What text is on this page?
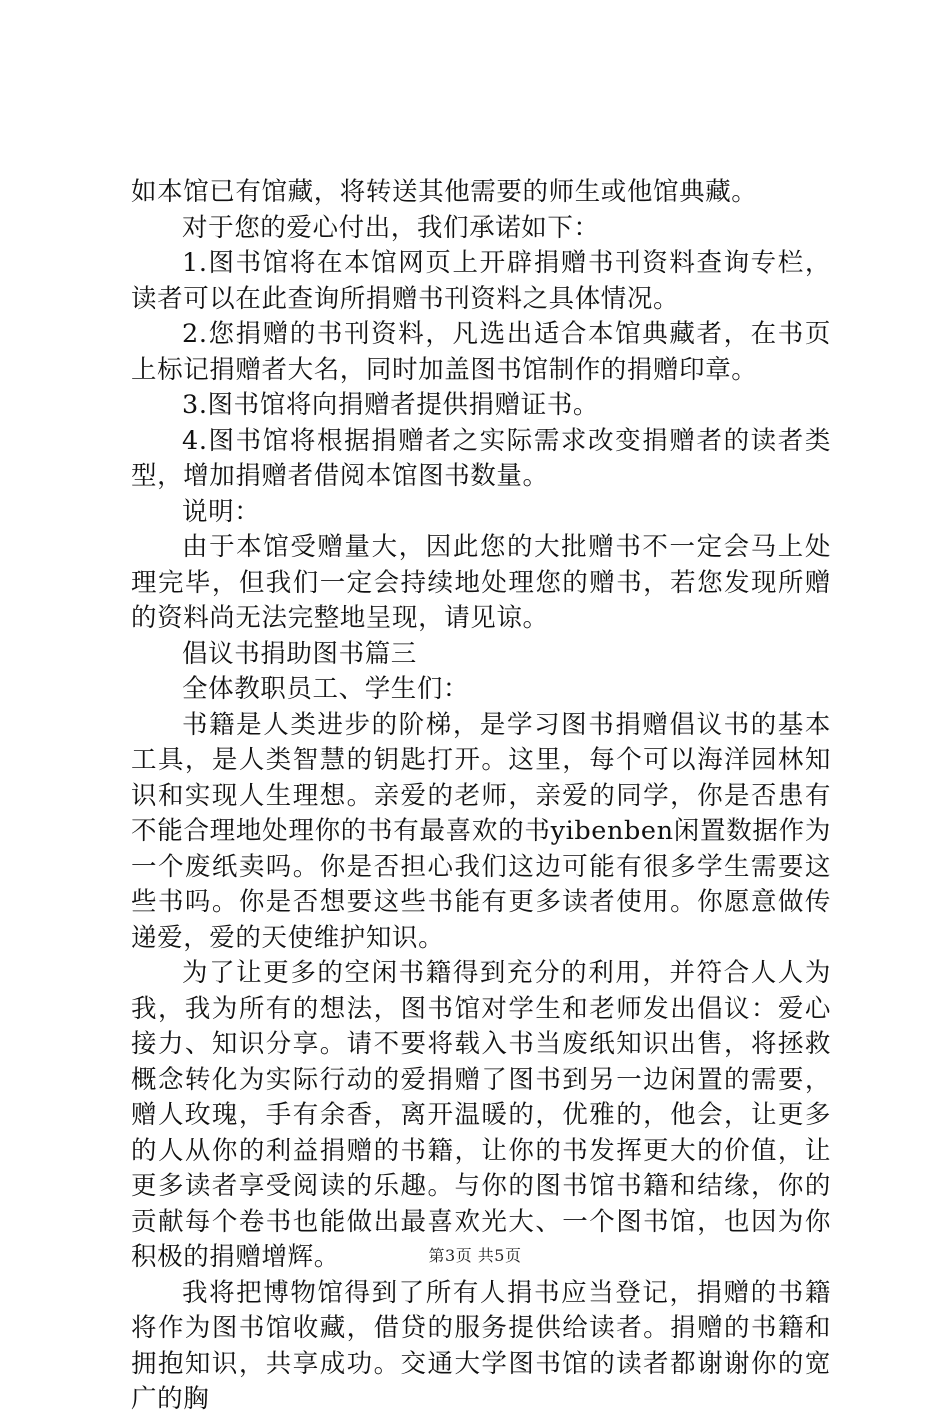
如本馆已有馆藏，将转送其他需要的师生或他馆典藏。

对于您的爱心付出，我们承诺如下：

1.图书馆将在本馆网页上开辟捐赠书刊资料查询专栏，读者可以在此查询所捐赠书刊资料之具体情况。

2.您捐赠的书刊资料，凡选出适合本馆典藏者，在书页上标记捐赠者大名，同时加盖图书馆制作的捐赠印章。

3.图书馆将向捐赠者提供捐赠证书。

4.图书馆将根据捐赠者之实际需求改变捐赠者的读者类型，增加捐赠者借阅本馆图书数量。

说明：

由于本馆受赠量大，因此您的大批赠书不一定会马上处理完毕，但我们一定会持续地处理您的赠书，若您发现所赠的资料尚无法完整地呈现，请见谅。

倡议书捐助图书篇三

全体教职员工、学生们：

书籍是人类进步的阶梯，是学习图书捐赠倡议书的基本工具，是人类智慧的钥匙打开。这里，每个可以海洋园林知识和实现人生理想。亲爱的老师，亲爱的同学，你是否患有不能合理地处理你的书有最喜欢的书yibenben闲置数据作为一个废纸卖吗。你是否担心我们这边可能有很多学生需要这些书吗。你是否想要这些书能有更多读者使用。你愿意做传递爱，爱的天使维护知识。

为了让更多的空闲书籍得到充分的利用，并符合人人为我，我为所有的想法，图书馆对学生和老师发出倡议：爱心接力、知识分享。请不要将载入书当废纸知识出售，将拯救概念转化为实际行动的爱捐赠了图书到另一边闲置的需要，赠人玫瑰，手有余香，离开温暖的，优雅的，他会，让更多的人从你的利益捐赠的书籍，让你的书发挥更大的价值，让更多读者享受阅读的乐趣。与你的图书馆书籍和结缘，你的贡献每个卷书也能做出最喜欢光大、一个图书馆，也因为你积极的捐赠增辉。

我将把博物馆得到了所有人捐书应当登记，捐赠的书籍将作为图书馆收藏，借贷的服务提供给读者。捐赠的书籍和拥抱知识，共享成功。交通大学图书馆的读者都谢谢你的宽广的胸

第3页 共5页
